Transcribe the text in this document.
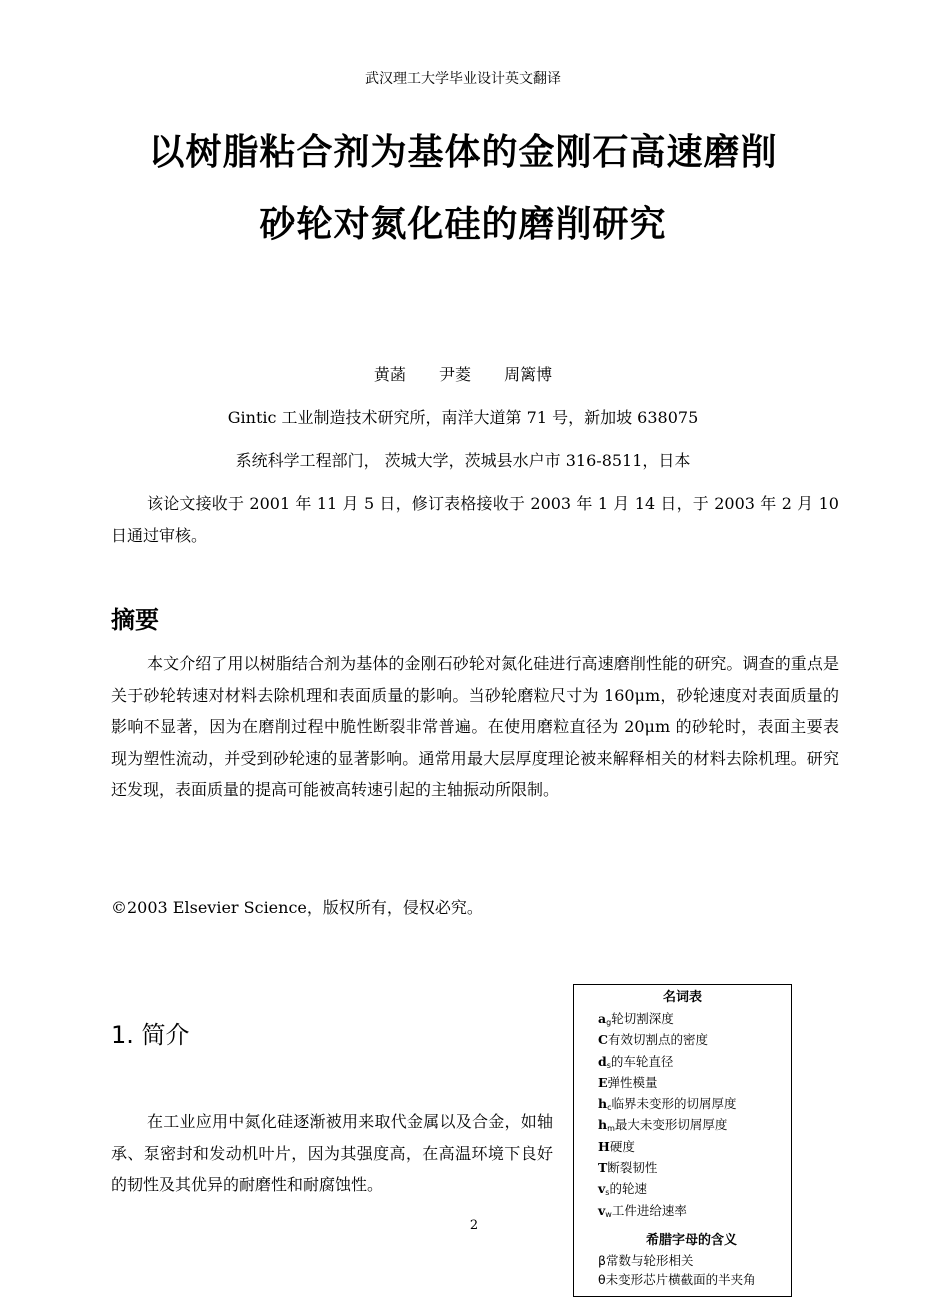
武汉理工大学毕业设计英文翻译
以树脂粘合剂为基体的金刚石高速磨削
砂轮对氮化硅的磨削研究
黄菡 尹菱 周篱博
Gintic 工业制造技术研究所，南洋大道第 71 号，新加坡 638075
系统科学工程部门， 茨城大学，茨城县水户市 316-8511，日本
该论文接收于 2001 年 11 月 5 日，修订表格接收于 2003 年 1 月 14 日，于 2003 年 2 月 10 日通过审核。
摘要
本文介绍了用以树脂结合剂为基体的金刚石砂轮对氮化硅进行高速磨削性能的研究。调查的重点是关于砂轮转速对材料去除机理和表面质量的影响。当砂轮磨粒尺寸为 160μm，砂轮速度对表面质量的影响不显著，因为在磨削过程中脆性断裂非常普遍。在使用磨粒直径为 20μm 的砂轮时，表面主要表现为塑性流动，并受到砂轮速的显著影响。通常用最大层厚度理论被来解释相关的材料去除机理。研究还发现，表面质量的提高可能被高转速引起的主轴振动所限制。
©2003 Elsevier Science，版权所有，侵权必究。
1. 简介
在工业应用中氮化硅逐渐被用来取代金属以及合金，如轴承、泵密封和发动机叶片，因为其强度高，在高温环境下良好的韧性及其优异的耐磨性和耐腐蚀性。
2
名词表
ag轮切割深度
C有效切割点的密度
ds的车轮直径
E弹性模量
hc临界未变形的切屑厚度
hm最大未变形切屑厚度
H硬度
T断裂韧性
vs的轮速
vw工件进给速率
希腊字母的含义
β常数与轮形相关
θ未变形芯片横截面的半夹角
